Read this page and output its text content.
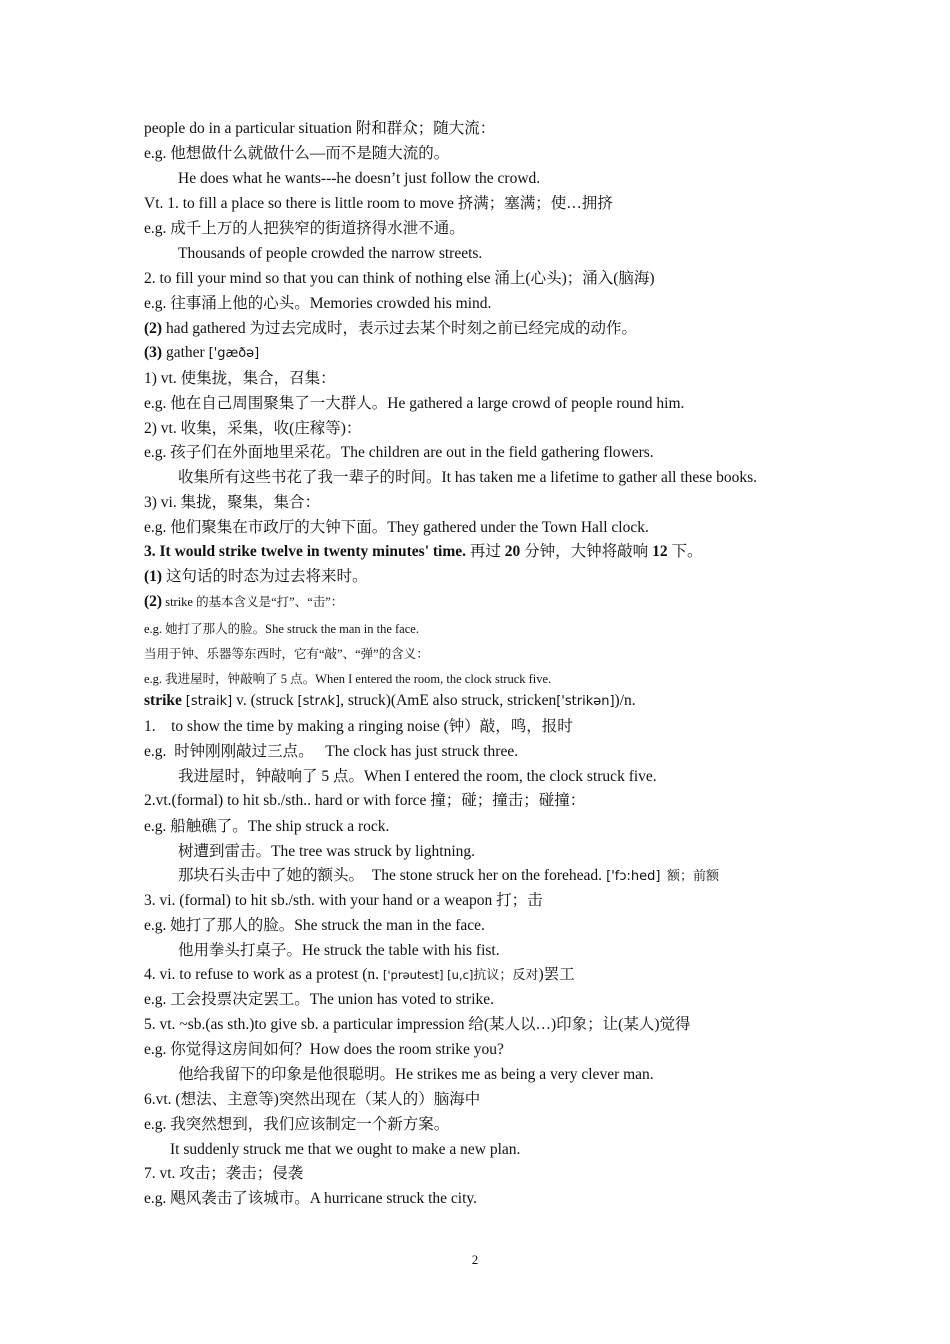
people do in a particular situation 附和群众；随大流：
e.g. 他想做什么就做什么—而不是随大流的。
He does what he wants---he doesn’t just follow the crowd.
Vt. 1. to fill a place so there is little room to move 挤满；塞满；使…拥挤
e.g. 成千上万的人把狭窄的街道挤得水泄不通。
Thousands of people crowded the narrow streets.
2. to fill your mind so that you can think of nothing else 涌上(心头)；涌入(脑海)
e.g. 往事涌上他的心头。Memories crowded his mind.
(2) had gathered 为过去完成时，表示过去某个时刻之前已经完成的动作。
(3) gather ['gæðə]
1) vt. 使集拢，集合，召集：
e.g. 他在自己周围聚集了一大群人。He gathered a large crowd of people round him.
2) vt. 收集，采集，收(庄稼等)：
e.g. 孩子们在外面地里采花。The children are out in the field gathering flowers.
收集所有这些书花了我一辈子的时间。It has taken me a lifetime to gather all these books.
3) vi. 集拢，聚集，集合：
e.g. 他们聚集在市政厅的大钟下面。They gathered under the Town Hall clock.
3. It would strike twelve in twenty minutes' time. 再过 20 分钟，大钟将敲响 12 下。
(1) 这句话的时态为过去将来时。
(2) strike 的基本含义是“打”、“击”：
e.g. 她打了那人的脸。She struck the man in the face.
当用于钟、乐器等东西时，它有“敲”、“弹”的含义：
e.g. 我进屋时，钟敲响了 5 点。When I entered the room, the clock struck five.
strike [straik] v. (struck [strʌk], struck)(AmE also struck, stricken['strikən])/n.
1.    to show the time by making a ringing noise (钟）敲，鸣，报时
e.g.  时钟刚刚敲过三点。   The clock has just struck three.
我进屋时，钟敲响了 5 点。When I entered the room, the clock struck five.
2.vt.(formal) to hit sb./sth.. hard or with force 撞；碰；撞击；碰撞：
e.g. 船触礁了。The ship struck a rock.
树遭到雷击。The tree was struck by lightning.
那块石头击中了她的额头。  The stone struck her on the forehead. ['fɔ:hed]  额；前额
3. vi. (formal) to hit sb./sth. with your hand or a weapon 打；击
e.g. 她打了那人的脸。She struck the man in the face.
他用拳头打桌子。He struck the table with his fist.
4. vi. to refuse to work as a protest (n. ['prəutest] [u,c]抗议；反对)罢工
e.g. 工会投票决定罢工。The union has voted to strike.
5. vt. ~sb.(as sth.)to give sb. a particular impression 给(某人以…)印象；让(某人)觉得
e.g. 你觉得这房间如何？How does the room strike you?
他给我留下的印象是他很聪明。He strikes me as being a very clever man.
6.vt. (想法、主意等)突然出现在（某人的）脑海中
e.g. 我突然想到，我们应该制定一个新方案。
It suddenly struck me that we ought to make a new plan.
7. vt. 攻击；袭击；侵袭
e.g. 飓风袭击了该城市。A hurricane struck the city.
2
